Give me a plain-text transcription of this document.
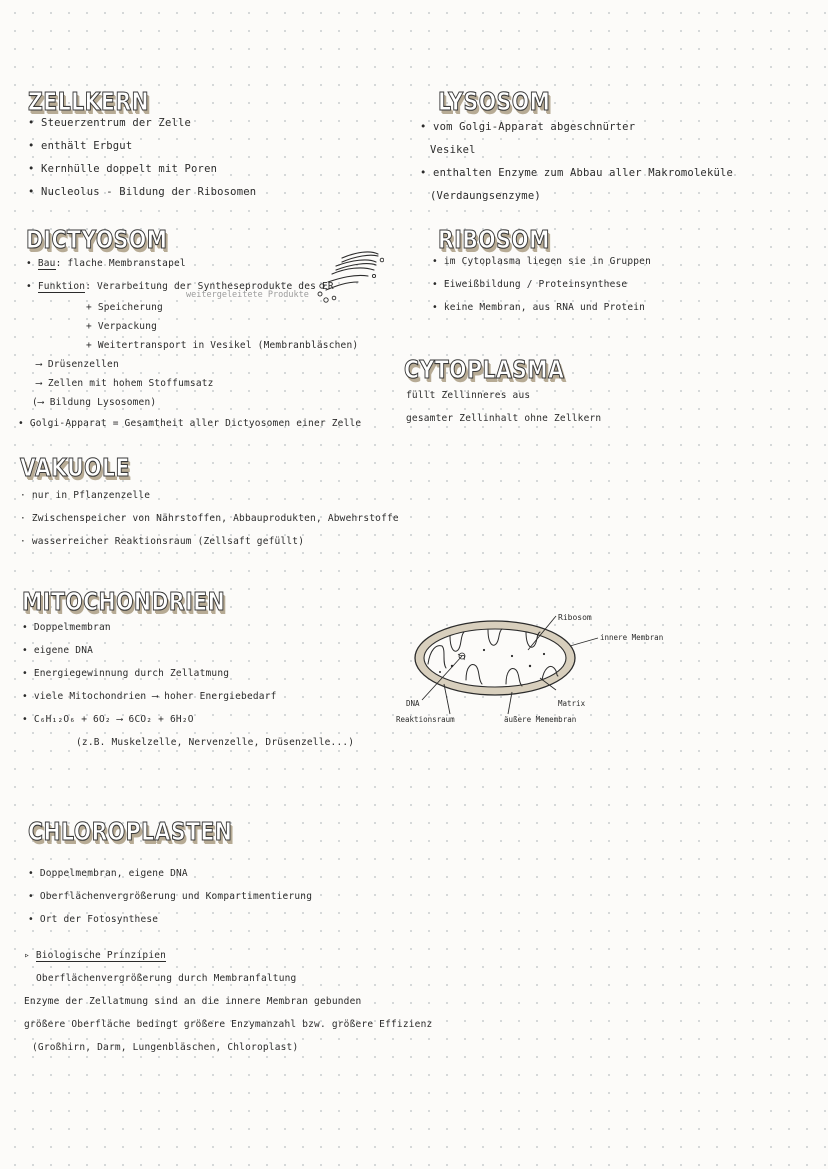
ZELLKERN
• Steuerzentrum der Zelle
• enthält Erbgut
• Kernhülle doppelt mit Poren
• Nucleolus - Bildung der Ribosomen
LYSOSOM
• vom Golgi-Apparat abgeschnürter
Vesikel
• enthalten Enzyme zum Abbau aller Makromoleküle
(Verdaungsenzyme)
DICTYOSOM
• Bau: flache Membranstapel
• Funktion: Verarbeitung der Syntheseprodukte des ER
weitergeleitete Produkte
+ Speicherung
+ Verpackung
+ Weitertransport in Vesikel (Membranbläschen)
⟶ Drüsenzellen
⟶ Zellen mit hohem Stoffumsatz
(⟶ Bildung Lysosomen)
• Golgi-Apparat = Gesamtheit aller Dictyosomen einer Zelle
RIBOSOM
• im Cytoplasma liegen sie in Gruppen
• Eiweißbildung / Proteinsynthese
• keine Membran, aus RNA und Protein
CYTOPLASMA
füllt Zellinneres aus
gesamter Zellinhalt ohne Zellkern
VAKUOLE
· nur in Pflanzenzelle
· Zwischenspeicher von Nährstoffen, Abbauprodukten, Abwehrstoffe
· wasserreicher Reaktionsraum (Zellsaft gefüllt)
MITOCHONDRIEN
• Doppelmembran
• eigene DNA
• Energiegewinnung durch Zellatmung
• viele Mitochondrien ⟶ hoher Energiebedarf
• C₆H₁₂O₆ + 6O₂ ⟶ 6CO₂ + 6H₂O
(z.B. Muskelzelle, Nervenzelle, Drüsenzelle...)
Ribosom
innere Membran
DNA	Matrix
Reaktionsraum	äußere Memembran
CHLOROPLASTEN
• Doppelmembran, eigene DNA
• Oberflächenvergrößerung und Kompartimentierung
• Ort der Fotosynthese
▹ Biologische Prinzipien
Oberflächenvergrößerung durch Membranfaltung
Enzyme der Zellatmung sind an die innere Membran gebunden
größere Oberfläche bedingt größere Enzymanzahl bzw. größere Effizienz
(Großhirn, Darm, Lungenbläschen, Chloroplast)
